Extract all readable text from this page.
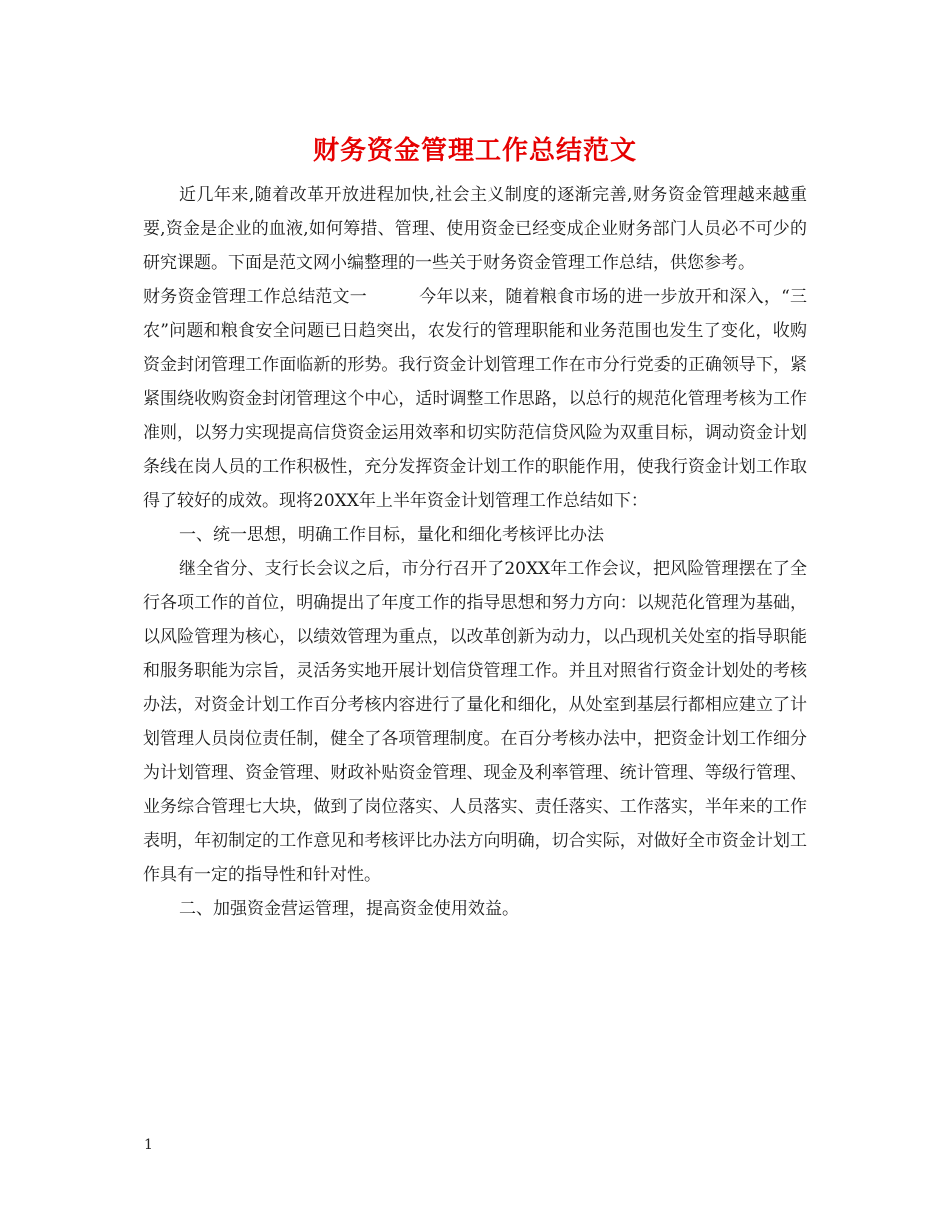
财务资金管理工作总结范文

近几年来,随着改革开放进程加快,社会主义制度的逐渐完善,财务资金管理越来越重要,资金是企业的血液,如何筹措、管理、使用资金已经变成企业财务部门人员必不可少的研究课题。下面是范文网小编整理的一些关于财务资金管理工作总结，供您参考。

财务资金管理工作总结范文一	今年以来，随着粮食市场的进一步放开和深入，“三农”问题和粮食安全问题已日趋突出，农发行的管理职能和业务范围也发生了变化，收购资金封闭管理工作面临新的形势。我行资金计划管理工作在市分行党委的正确领导下，紧紧围绕收购资金封闭管理这个中心，适时调整工作思路，以总行的规范化管理考核为工作准则，以努力实现提高信贷资金运用效率和切实防范信贷风险为双重目标，调动资金计划条线在岗人员的工作积极性，充分发挥资金计划工作的职能作用，使我行资金计划工作取得了较好的成效。现将20XX年上半年资金计划管理工作总结如下：

一、统一思想，明确工作目标，量化和细化考核评比办法

继全省分、支行长会议之后，市分行召开了20XX年工作会议，把风险管理摆在了全行各项工作的首位，明确提出了年度工作的指导思想和努力方向：以规范化管理为基础，以风险管理为核心，以绩效管理为重点，以改革创新为动力，以凸现机关处室的指导职能和服务职能为宗旨，灵活务实地开展计划信贷管理工作。并且对照省行资金计划处的考核办法，对资金计划工作百分考核内容进行了量化和细化，从处室到基层行都相应建立了计划管理人员岗位责任制，健全了各项管理制度。在百分考核办法中，把资金计划工作细分为计划管理、资金管理、财政补贴资金管理、现金及利率管理、统计管理、等级行管理、业务综合管理七大块，做到了岗位落实、人员落实、责任落实、工作落实，半年来的工作表明，年初制定的工作意见和考核评比办法方向明确，切合实际，对做好全市资金计划工作具有一定的指导性和针对性。

二、加强资金营运管理，提高资金使用效益。

1
